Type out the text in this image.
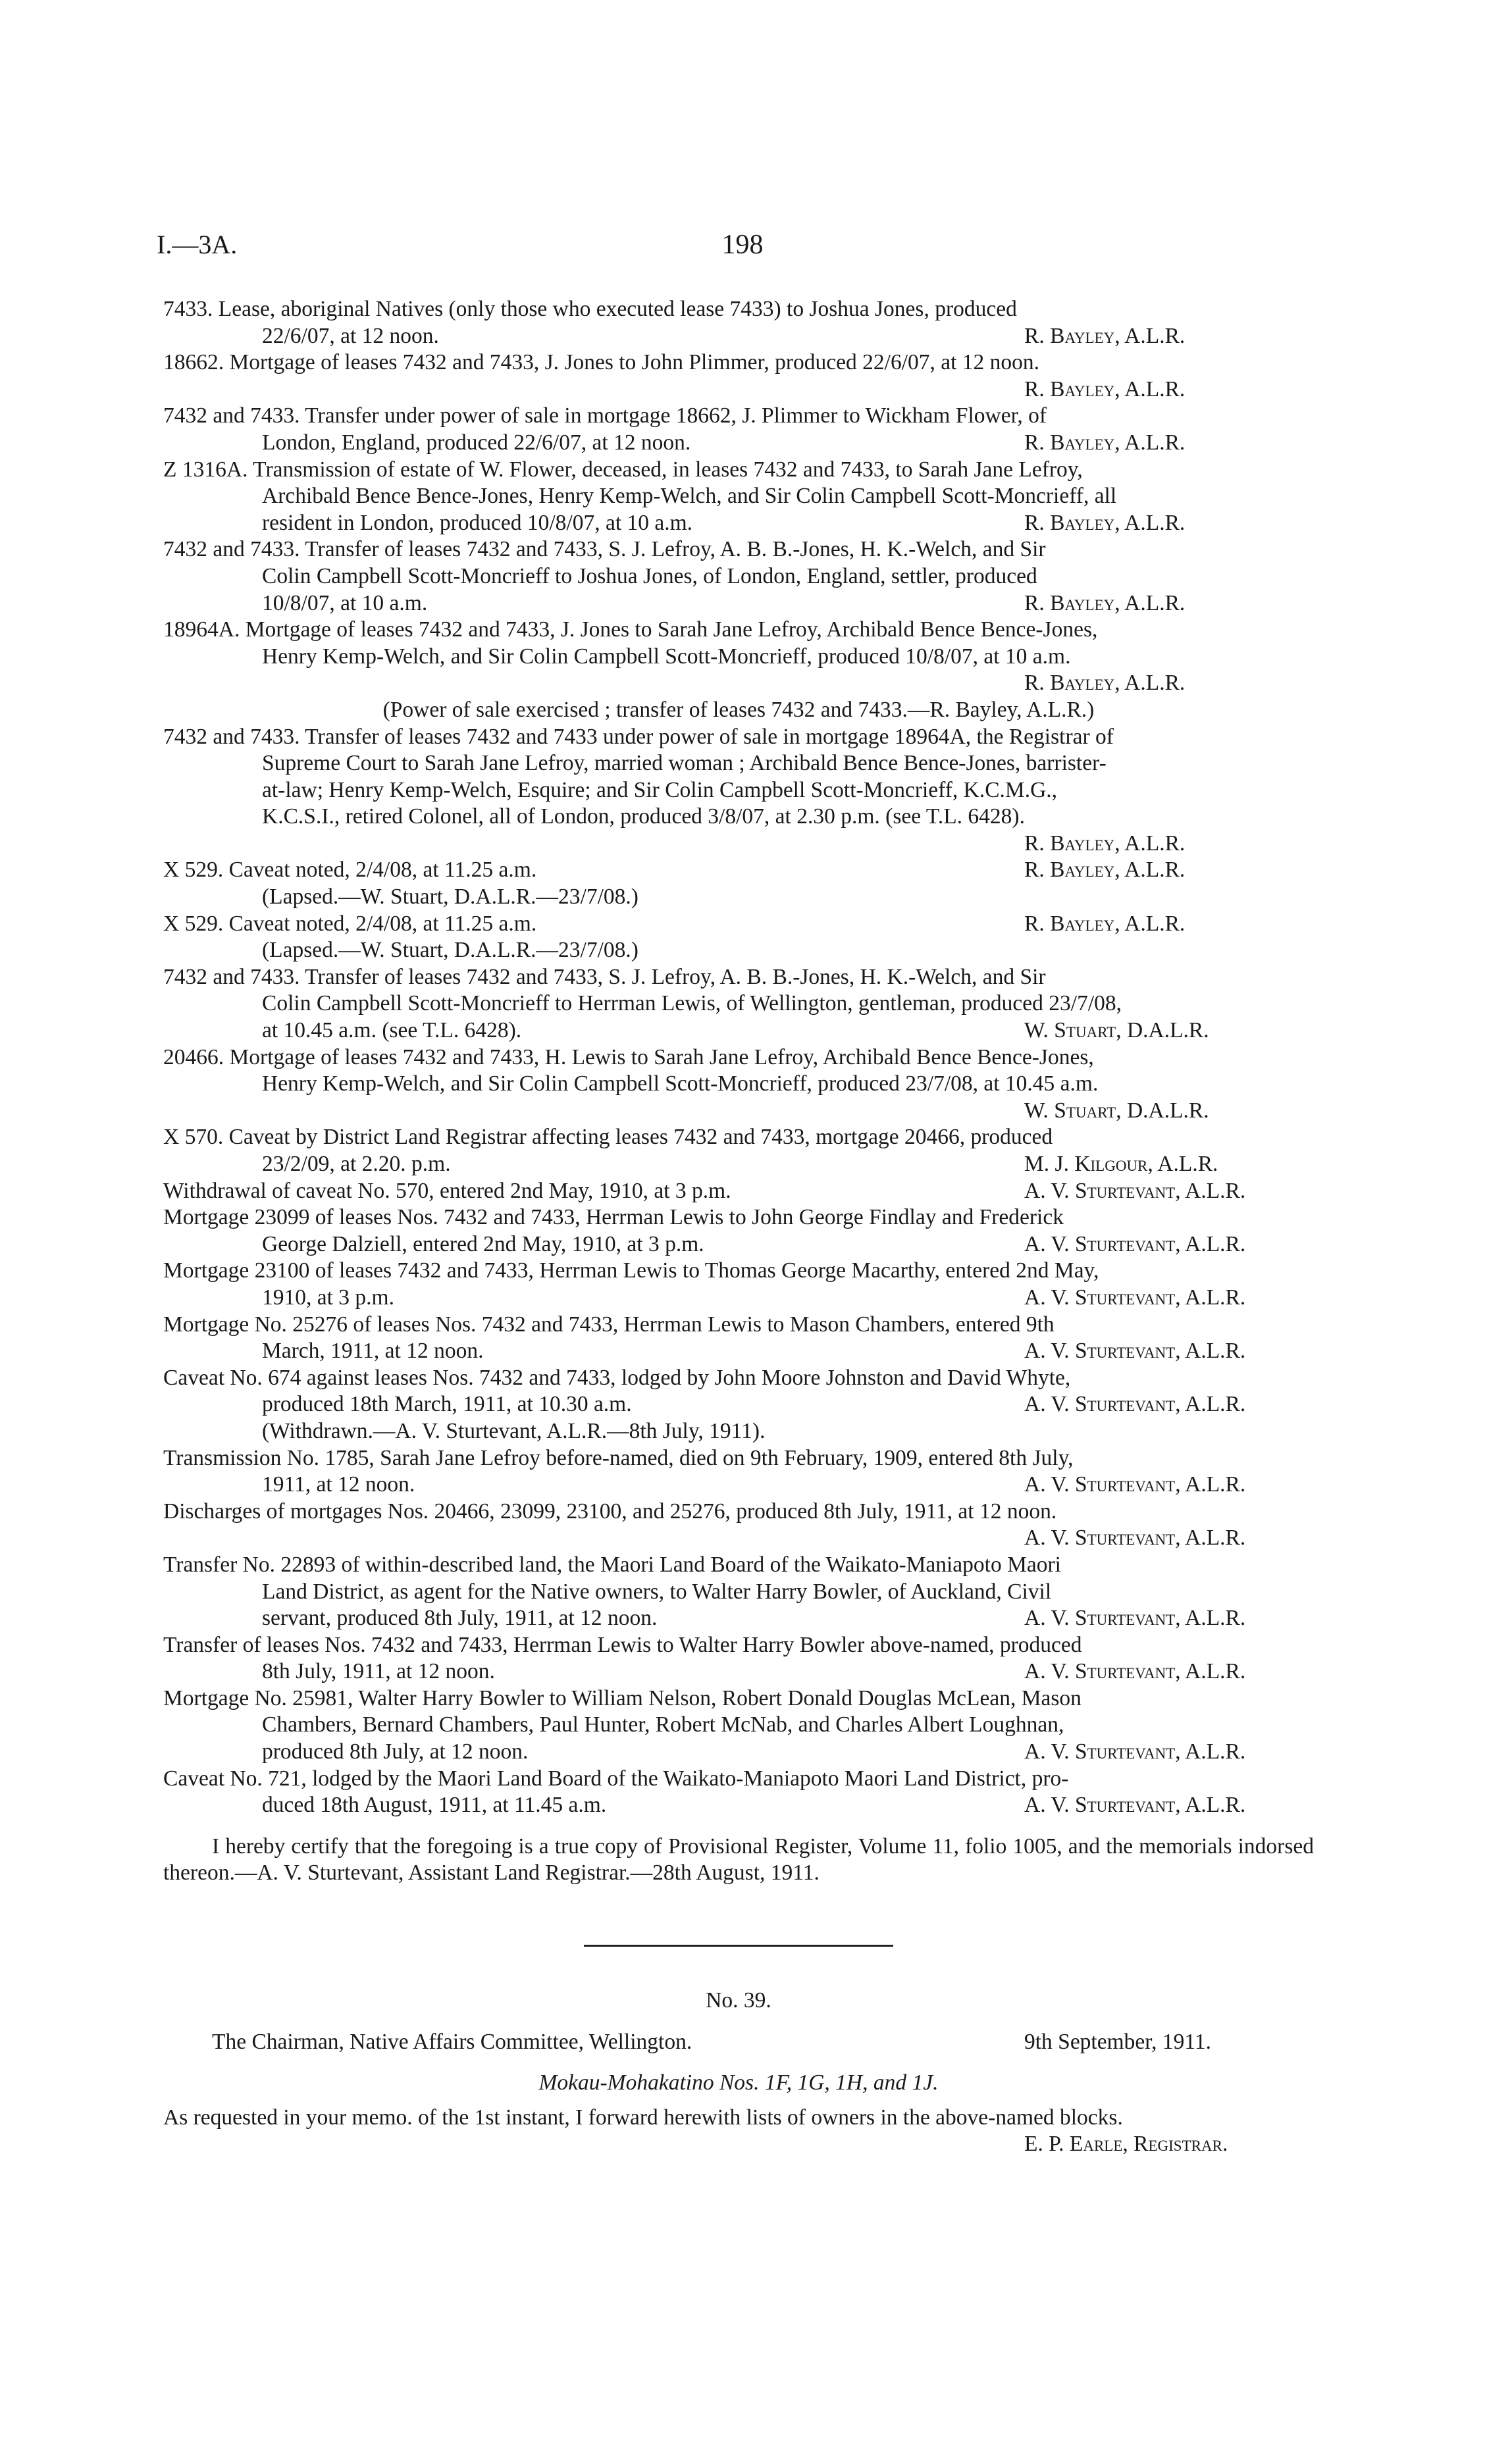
I.—3A.	198
7433. Lease, aboriginal Natives (only those who executed lease 7433) to Joshua Jones, produced
R. Bayley, A.L.R.
22/6/07, at 12 noon.
18662. Mortgage of leases 7432 and 7433, J. Jones to John Plimmer, produced 22/6/07, at 12 noon.
R. Bayley, A.L.R.
7432 and 7433. Transfer under power of sale in mortgage 18662, J. Plimmer to Wickham Flower, of
R. Bayley, A.L.R.
London, England, produced 22/6/07, at 12 noon.
Z 1316A. Transmission of estate of W. Flower, deceased, in leases 7432 and 7433, to Sarah Jane Lefroy,
Archibald Bence Bence-Jones, Henry Kemp-Welch, and Sir Colin Campbell Scott-Moncrieff, all
R. Bayley, A.L.R.
resident in London, produced 10/8/07, at 10 a.m.
7432 and 7433. Transfer of leases 7432 and 7433, S. J. Lefroy, A. B. B.-Jones, H. K.-Welch, and Sir
Colin Campbell Scott-Moncrieff to Joshua Jones, of London, England, settler, produced
R. Bayley, A.L.R.
10/8/07, at 10 a.m.
18964A. Mortgage of leases 7432 and 7433, J. Jones to Sarah Jane Lefroy, Archibald Bence Bence-Jones,
Henry Kemp-Welch, and Sir Colin Campbell Scott-Moncrieff, produced 10/8/07, at 10 a.m.
R. Bayley, A.L.R.
(Power of sale exercised ; transfer of leases 7432 and 7433.—R. Bayley, A.L.R.)
7432 and 7433. Transfer of leases 7432 and 7433 under power of sale in mortgage 18964A, the Registrar of
Supreme Court to Sarah Jane Lefroy, married woman ; Archibald Bence Bence-Jones, barrister-
at-law; Henry Kemp-Welch, Esquire; and Sir Colin Campbell Scott-Moncrieff, K.C.M.G.,
K.C.S.I., retired Colonel, all of London, produced 3/8/07, at 2.30 p.m. (see T.L. 6428).
R. Bayley, A.L.R.
R. Bayley, A.L.R.
X 529. Caveat noted, 2/4/08, at 11.25 a.m.
(Lapsed.—W. Stuart, D.A.L.R.—23/7/08.)
R. Bayley, A.L.R.
X 529. Caveat noted, 2/4/08, at 11.25 a.m.
(Lapsed.—W. Stuart, D.A.L.R.—23/7/08.)
7432 and 7433. Transfer of leases 7432 and 7433, S. J. Lefroy, A. B. B.-Jones, H. K.-Welch, and Sir
Colin Campbell Scott-Moncrieff to Herrman Lewis, of Wellington, gentleman, produced 23/7/08,
W. Stuart, D.A.L.R.
at 10.45 a.m. (see T.L. 6428).
20466. Mortgage of leases 7432 and 7433, H. Lewis to Sarah Jane Lefroy, Archibald Bence Bence-Jones,
Henry Kemp-Welch, and Sir Colin Campbell Scott-Moncrieff, produced 23/7/08, at 10.45 a.m.
W. Stuart, D.A.L.R.
X 570. Caveat by District Land Registrar affecting leases 7432 and 7433, mortgage 20466, produced
M. J. Kilgour, A.L.R.
23/2/09, at 2.20. p.m.
A. V. Sturtevant, A.L.R.
Withdrawal of caveat No. 570, entered 2nd May, 1910, at 3 p.m.
Mortgage 23099 of leases Nos. 7432 and 7433, Herrman Lewis to John George Findlay and Frederick
A. V. Sturtevant, A.L.R.
George Dalziell, entered 2nd May, 1910, at 3 p.m.
Mortgage 23100 of leases 7432 and 7433, Herrman Lewis to Thomas George Macarthy, entered 2nd May,
A. V. Sturtevant, A.L.R.
1910, at 3 p.m.
Mortgage No. 25276 of leases Nos. 7432 and 7433, Herrman Lewis to Mason Chambers, entered 9th
A. V. Sturtevant, A.L.R.
March, 1911, at 12 noon.
Caveat No. 674 against leases Nos. 7432 and 7433, lodged by John Moore Johnston and David Whyte,
A. V. Sturtevant, A.L.R.
produced 18th March, 1911, at 10.30 a.m.
(Withdrawn.—A. V. Sturtevant, A.L.R.—8th July, 1911).
Transmission No. 1785, Sarah Jane Lefroy before-named, died on 9th February, 1909, entered 8th July,
A. V. Sturtevant, A.L.R.
1911, at 12 noon.
Discharges of mortgages Nos. 20466, 23099, 23100, and 25276, produced 8th July, 1911, at 12 noon.
A. V. Sturtevant, A.L.R.
Transfer No. 22893 of within-described land, the Maori Land Board of the Waikato-Maniapoto Maori
Land District, as agent for the Native owners, to Walter Harry Bowler, of Auckland, Civil
A. V. Sturtevant, A.L.R.
servant, produced 8th July, 1911, at 12 noon.
Transfer of leases Nos. 7432 and 7433, Herrman Lewis to Walter Harry Bowler above-named, produced
A. V. Sturtevant, A.L.R.
8th July, 1911, at 12 noon.
Mortgage No. 25981, Walter Harry Bowler to William Nelson, Robert Donald Douglas McLean, Mason
Chambers, Bernard Chambers, Paul Hunter, Robert McNab, and Charles Albert Loughnan,
A. V. Sturtevant, A.L.R.
produced 8th July, at 12 noon.
Caveat No. 721, lodged by the Maori Land Board of the Waikato-Maniapoto Maori Land District, pro-
A. V. Sturtevant, A.L.R.
duced 18th August, 1911, at 11.45 a.m.

I hereby certify that the foregoing is a true copy of Provisional Register, Volume 11, folio 1005, and the memorials indorsed thereon.—A. V. Sturtevant, Assistant Land Registrar.—28th August, 1911.

No. 39.
9th September, 1911.
The Chairman, Native Affairs Committee, Wellington.
Mokau-Mohakatino Nos. 1F, 1G, 1H, and 1J.
As requested in your memo. of the 1st instant, I forward herewith lists of owners in the above-named blocks.
E. P. Earle, Registrar.
